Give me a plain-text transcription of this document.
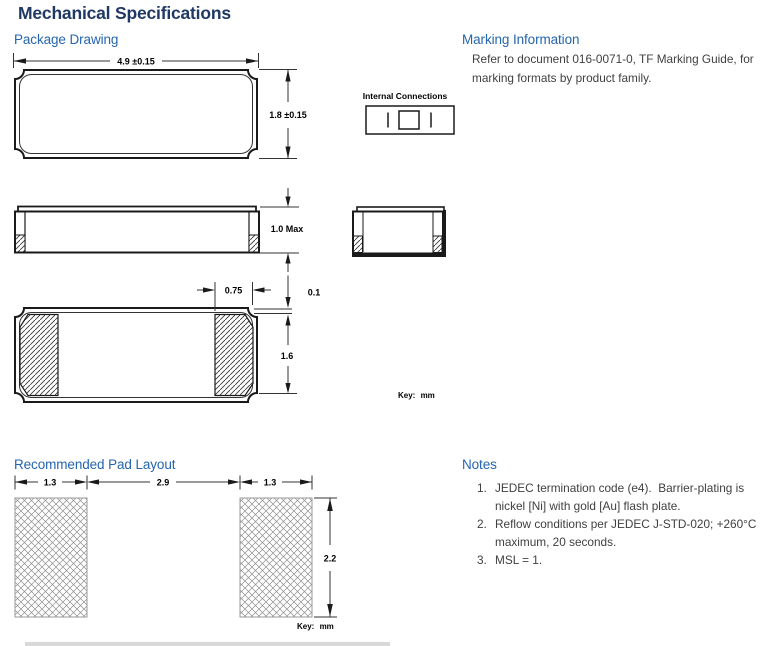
Mechanical Specifications
Package Drawing	Marking Information
Refer to document 016-0071-0, TF Marking Guide, for
marking formats by product family.
Recommended Pad Layout	Notes
1. JEDEC termination code (e4).  Barrier-plating is
nickel [Ni] with gold [Au] flash plate.
2. Reflow conditions per JEDEC J-STD-020; +260°C
maximum, 20 seconds.
3. MSL = 1.
4.9 ±0.15
1.8 ±0.15
Internal Connections
1.0 Max
0.75	0.1
1.6
Key: mm
1.3	2.9	1.3
2.2
Key: mm
